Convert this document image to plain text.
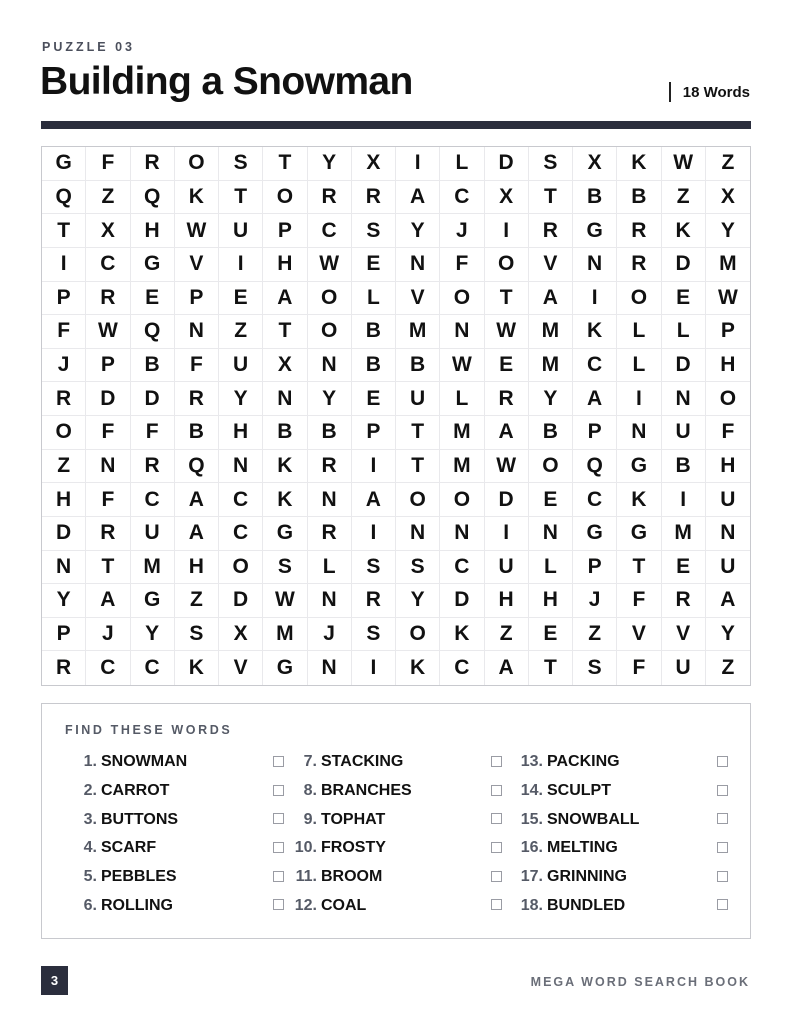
PUZZLE 03
Building a Snowman	18 Words
G	F	R	O	S	T	Y	X	I	L	D	S	X	K	W	Z
Q	Z	Q	K	T	O	R	R	A	C	X	T	B	B	Z	X
T	X	H	W	U	P	C	S	Y	J	I	R	G	R	K	Y
I	C	G	V	I	H	W	E	N	F	O	V	N	R	D	M
P	R	E	P	E	A	O	L	V	O	T	A	I	O	E	W
F	W	Q	N	Z	T	O	B	M	N	W	M	K	L	L	P
J	P	B	F	U	X	N	B	B	W	E	M	C	L	D	H
R	D	D	R	Y	N	Y	E	U	L	R	Y	A	I	N	O
O	F	F	B	H	B	B	P	T	M	A	B	P	N	U	F
Z	N	R	Q	N	K	R	I	T	M	W	O	Q	G	B	H
H	F	C	A	C	K	N	A	O	O	D	E	C	K	I	U
D	R	U	A	C	G	R	I	N	N	I	N	G	G	M	N
N	T	M	H	O	S	L	S	S	C	U	L	P	T	E	U
Y	A	G	Z	D	W	N	R	Y	D	H	H	J	F	R	A
P	J	Y	S	X	M	J	S	O	K	Z	E	Z	V	V	Y
R	C	C	K	V	G	N	I	K	C	A	T	S	F	U	Z
FIND THESE WORDS
1. SNOWMAN
2. CARROT
3. BUTTONS
4. SCARF
5. PEBBLES
6. ROLLING
7. STACKING
8. BRANCHES
9. TOPHAT
10. FROSTY
11. BROOM
12. COAL
13. PACKING
14. SCULPT
15. SNOWBALL
16. MELTING
17. GRINNING
18. BUNDLED
3	MEGA WORD SEARCH BOOK
